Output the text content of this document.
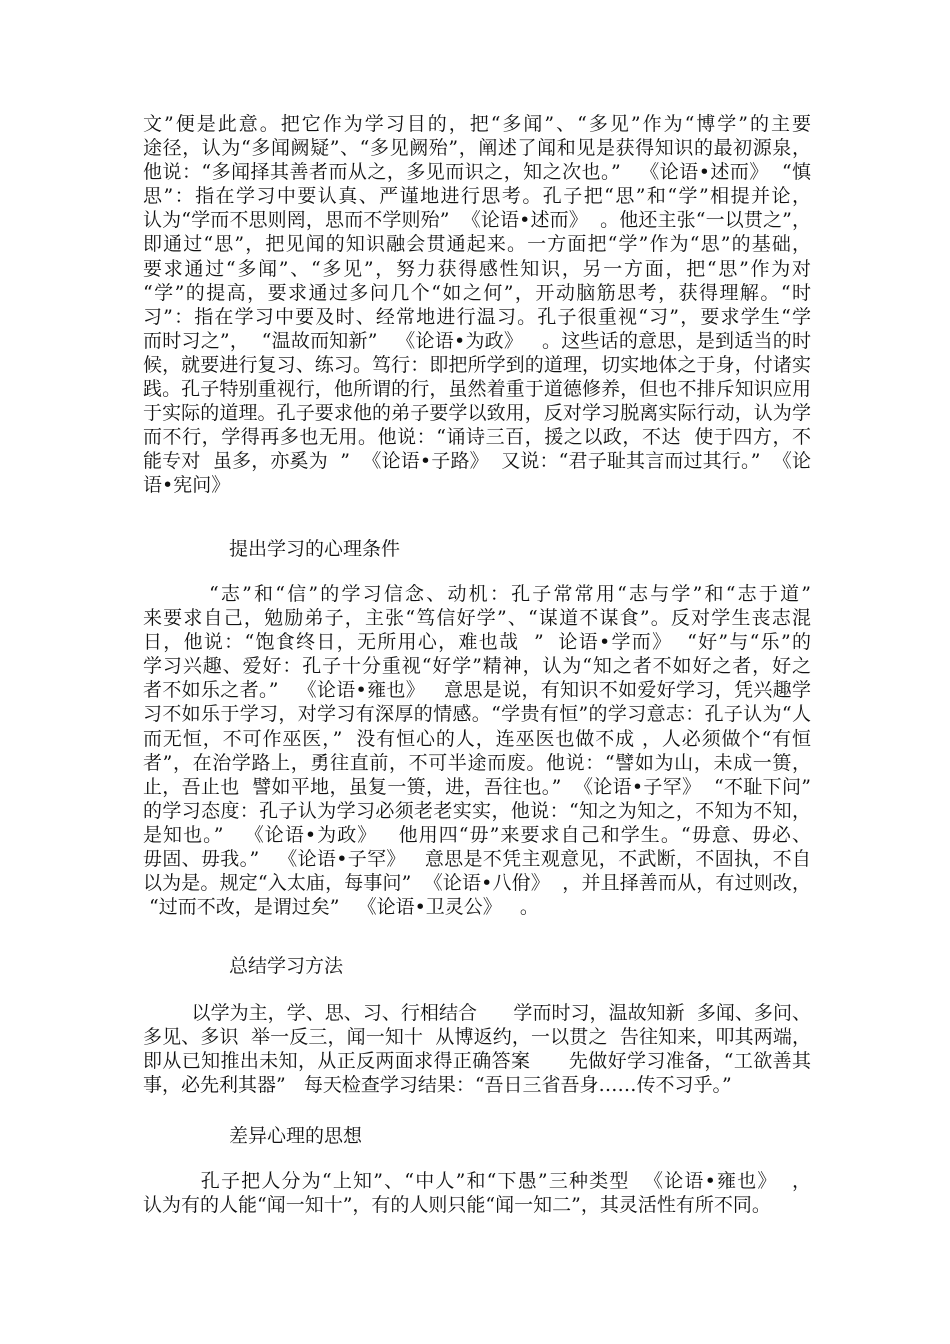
文”便是此意。把它作为学习目的，把“多闻”、“多见”作为“博学”的主要
途径，认为“多闻阙疑”、“多见阙殆”，阐述了闻和见是获得知识的最初源泉，
他说：“多闻择其善者而从之，多见而识之，知之次也。”   《论语•述而》  “慎
思”：指在学习中要认真、严谨地进行思考。孔子把“思”和“学”相提并论，
认为“学而不思则罔，思而不学则殆”  《论语•述而》  。他还主张“一以贯之”，
即通过“思”，把见闻的知识融会贯通起来。一方面把“学”作为“思”的基础，
要求通过“多闻”、“多见”，努力获得感性知识，另一方面，把“思”作为对
“学”的提高，要求通过多问几个“如之何”，开动脑筋思考，获得理解。“时
习”：指在学习中要及时、经常地进行温习。孔子很重视“习”，要求学生“学
而时习之”，  “温故而知新”   《论语•为政》   。这些话的意思，是到适当的时
候，就要进行复习、练习。笃行：即把所学到的道理，切实地体之于身，付诸实
践。孔子特别重视行，他所谓的行，虽然着重于道德修养，但也不排斥知识应用
于实际的道理。孔子要求他的弟子要学以致用，反对学习脱离实际行动，认为学
而不行，学得再多也无用。他说：“诵诗三百，援之以政，不达  使于四方，不
能专对  虽多，亦奚为  ”  《论语•子路》  又说：“君子耻其言而过其行。”  《论
语•宪问》
提出学习的心理条件
“志”和“信”的学习信念、动机：孔子常常用“志与学”和“志于道”
来要求自己，勉励弟子，主张“笃信好学”、“谋道不谋食”。反对学生丧志混
日，他说：“饱食终日，无所用心，难也哉  ”  论语•学而》  “好”与“乐”的
学习兴趣、爱好：孔子十分重视“好学”精神，认为“知之者不如好之者，好之
者不如乐之者。”   《论语•雍也》   意思是说，有知识不如爱好学习，凭兴趣学
习不如乐于学习，对学习有深厚的情感。“学贵有恒”的学习意志：孔子认为“人
而无恒，不可作巫医，”  没有恒心的人，连巫医也做不成 ，人必须做个“有恒
者”，在治学路上，勇往直前，不可半途而废。他说：“譬如为山，未成一篑，
止，吾止也  譬如平地，虽复一篑，进，吾往也。”  《论语•子罕》  “不耻下问”
的学习态度：孔子认为学习必须老老实实，他说：“知之为知之，不知为不知，
是知也。”   《论语•为政》   他用四“毋”来要求自己和学生。“毋意、毋必、
毋固、毋我。”   《论语•子罕》   意思是不凭主观意见，不武断，不固执，不自
以为是。规定“入太庙，每事问”  《论语•八佾》  ，并且择善而从，有过则改，
“过而不改，是谓过矣”   《论语•卫灵公》   。
总结学习方法
以学为主，学、思、习、行相结合      学而时习，温故知新  多闻、多问、
多见、多识  举一反三，闻一知十  从博返约，一以贯之  告往知来，叩其两端，
即从已知推出未知，从正反两面求得正确答案      先做好学习准备，“工欲善其
事，必先利其器”   每天检查学习结果：“吾日三省吾身……传不习乎。”
差异心理的思想
孔子把人分为“上知”、“中人”和“下愚”三种类型  《论语•雍也》  ，
认为有的人能“闻一知十”，有的人则只能“闻一知二”，其灵活性有所不同。
